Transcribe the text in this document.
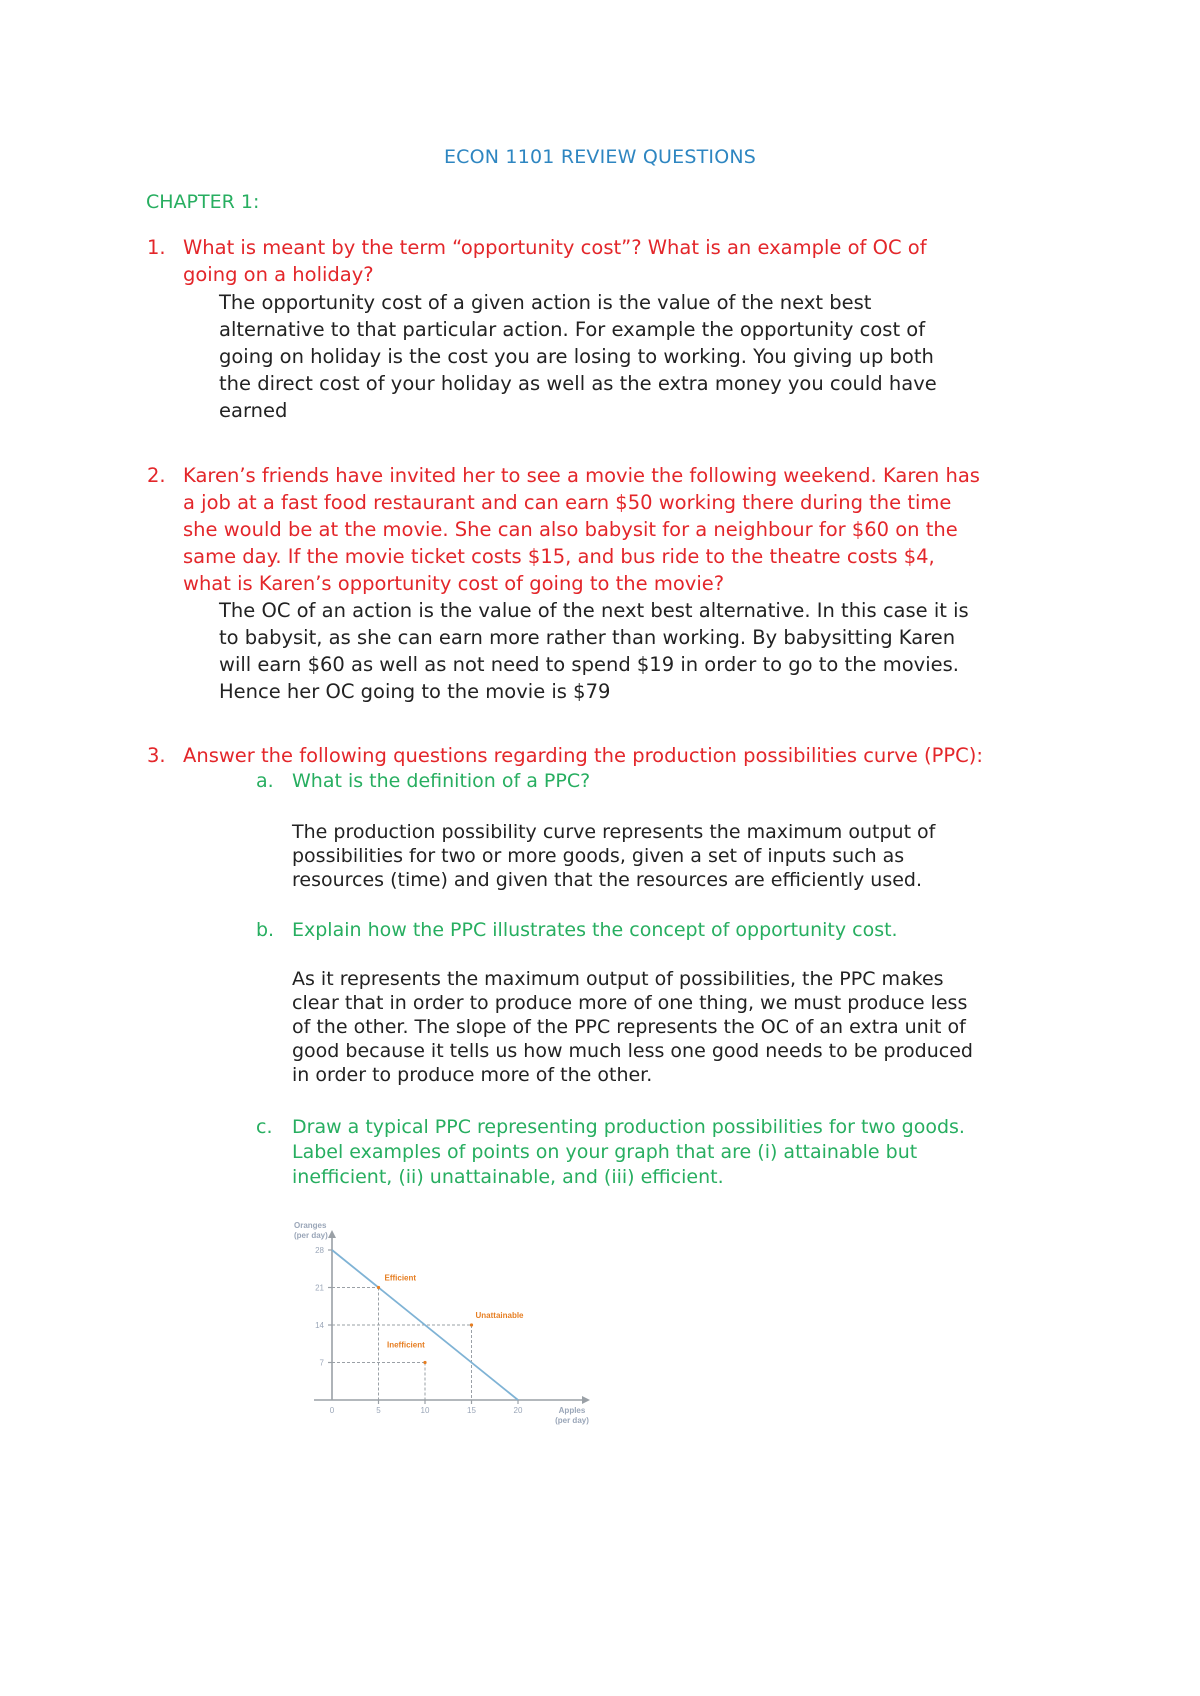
ECON 1101 REVIEW QUESTIONS
CHAPTER 1:
1. What is meant by the term “opportunity cost”? What is an example of OC of
going on a holiday?
The opportunity cost of a given action is the value of the next best
alternative to that particular action. For example the opportunity cost of
going on holiday is the cost you are losing to working. You giving up both
the direct cost of your holiday as well as the extra money you could have
earned
2. Karen’s friends have invited her to see a movie the following weekend. Karen has
a job at a fast food restaurant and can earn $50 working there during the time
she would be at the movie. She can also babysit for a neighbour for $60 on the
same day. If the movie ticket costs $15, and bus ride to the theatre costs $4,
what is Karen’s opportunity cost of going to the movie?
The OC of an action is the value of the next best alternative. In this case it is
to babysit, as she can earn more rather than working. By babysitting Karen
will earn $60 as well as not need to spend $19 in order to go to the movies.
Hence her OC going to the movie is $79
3. Answer the following questions regarding the production possibilities curve (PPC):
a. What is the definition of a PPC?
The production possibility curve represents the maximum output of
possibilities for two or more goods, given a set of inputs such as
resources (time) and given that the resources are efficiently used.
b. Explain how the PPC illustrates the concept of opportunity cost.
As it represents the maximum output of possibilities, the PPC makes
clear that in order to produce more of one thing, we must produce less
of the other. The slope of the PPC represents the OC of an extra unit of
good because it tells us how much less one good needs to be produced
in order to produce more of the other.
c. Draw a typical PPC representing production possibilities for two goods.
Label examples of points on your graph that are (i) attainable but
inefficient, (ii) unattainable, and (iii) efficient.
7
14
21
28
0	5	10	15	20
Efficient
Unattainable
Inefficient
Oranges
(per day)
Apples
(per day)
